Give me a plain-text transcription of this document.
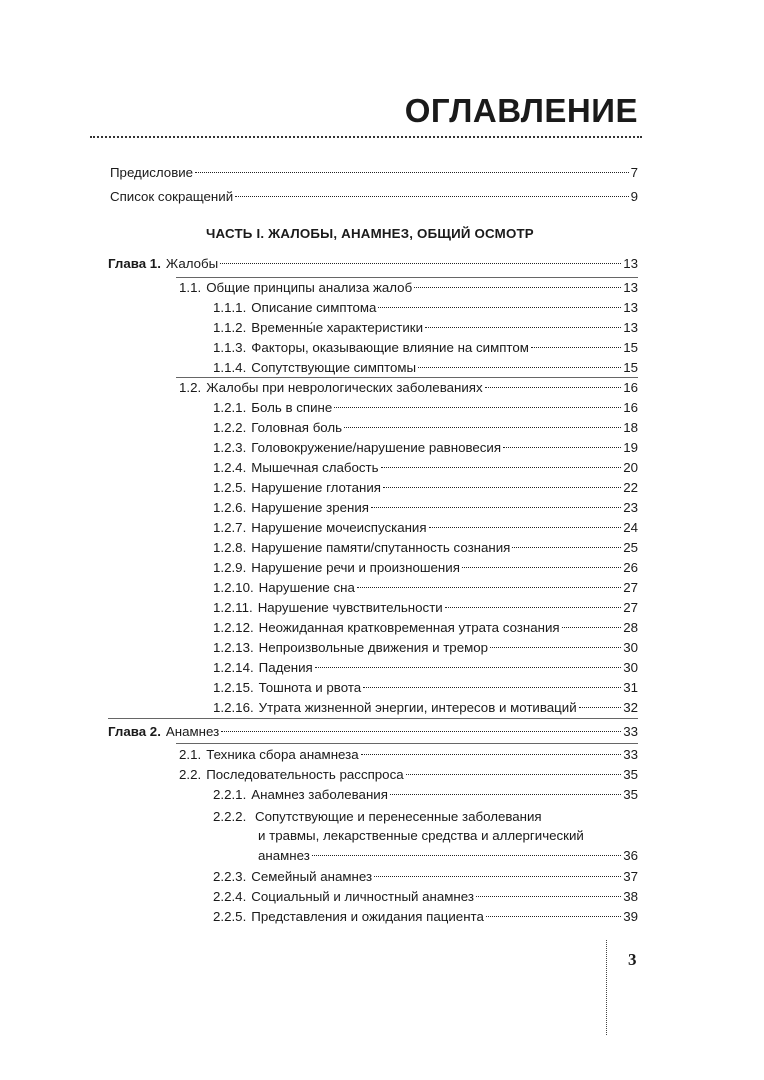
ОГЛАВЛЕНИЕ
Предисловие	7
Список сокращений	9
ЧАСТЬ I. ЖАЛОБЫ, АНАМНЕЗ, ОБЩИЙ ОСМОТР
Глава 1. Жалобы	13
1.1. Общие принципы анализа жалоб	13
1.1.1. Описание симптома	13
1.1.2. Временны́е характеристики	13
1.1.3. Факторы, оказывающие влияние на симптом	15
1.1.4. Сопутствующие симптомы	15
1.2. Жалобы при неврологических заболеваниях	16
1.2.1. Боль в спине	16
1.2.2. Головная боль	18
1.2.3. Головокружение/нарушение равновесия	19
1.2.4. Мышечная слабость	20
1.2.5. Нарушение глотания	22
1.2.6. Нарушение зрения	23
1.2.7. Нарушение мочеиспускания	24
1.2.8. Нарушение памяти/спутанность сознания	25
1.2.9. Нарушение речи и произношения	26
1.2.10. Нарушение сна	27
1.2.11. Нарушение чувствительности	27
1.2.12. Неожиданная кратковременная утрата сознания	28
1.2.13. Непроизвольные движения и тремор	30
1.2.14. Падения	30
1.2.15. Тошнота и рвота	31
1.2.16. Утрата жизненной энергии, интересов и мотиваций	32
Глава 2. Анамнез	33
2.1. Техника сбора анамнеза	33
2.2. Последовательность расспроса	35
2.2.1. Анамнез заболевания	35
2.2.2. Сопутствующие и перенесенные заболевания
и травмы, лекарственные средства и аллергический
анамнез	36
2.2.3. Семейный анамнез	37
2.2.4. Социальный и личностный анамнез	38
2.2.5. Представления и ожидания пациента	39
3
